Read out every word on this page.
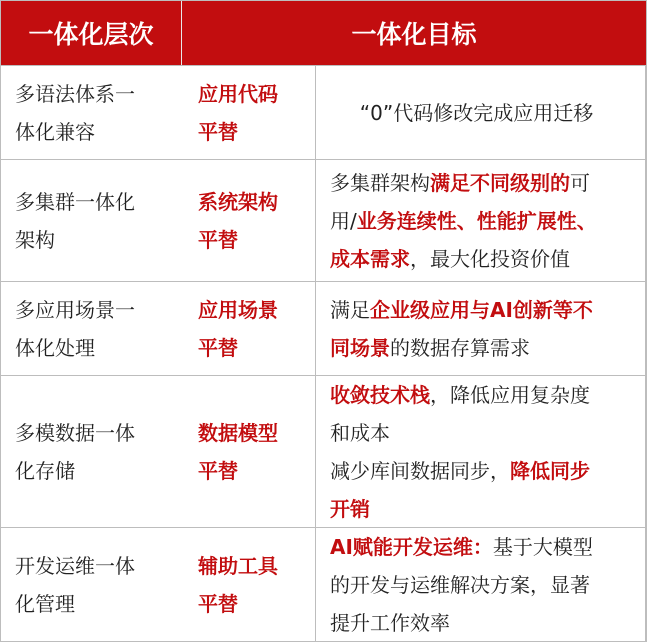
一体化层次	一体化目标
多语法体系一
体化兼容
应用代码
平替
“0”代码修改完成应用迁移
多集群一体化
架构
系统架构
平替
多集群架构满足不同级别的可
用/业务连续性、性能扩展性、
成本需求，最大化投资价值
多应用场景一
体化处理
应用场景
平替
满足企业级应用与AI创新等不
同场景的数据存算需求
多模数据一体
化存储
数据模型
平替
收敛技术栈，降低应用复杂度
和成本
减少库间数据同步，降低同步
开销
开发运维一体
化管理
辅助工具
平替
AI赋能开发运维：基于大模型
的开发与运维解决方案，显著
提升工作效率
